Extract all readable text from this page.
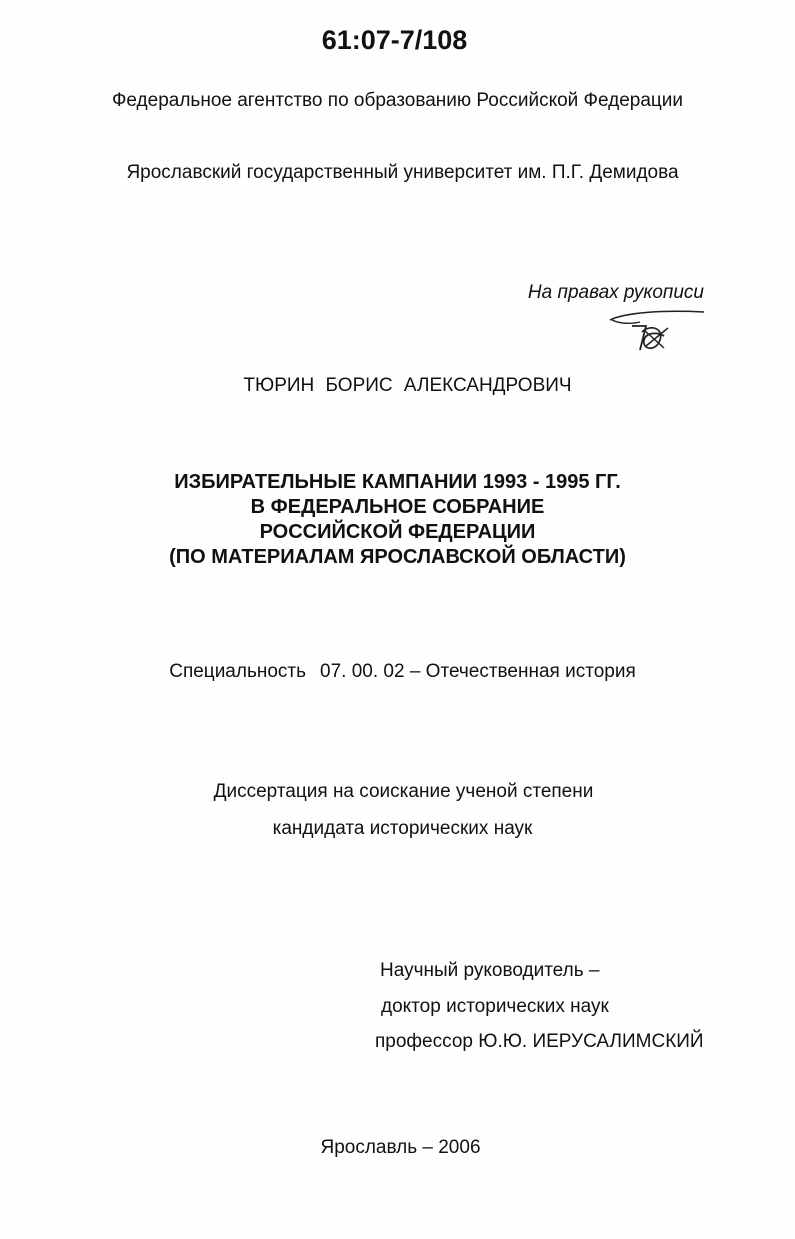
61:07-7/108
Федеральное агентство по образованию Российской Федерации
Ярославский государственный университет им. П.Г. Демидова
На правах рукописи
ТЮРИН БОРИС АЛЕКСАНДРОВИЧ
ИЗБИРАТЕЛЬНЫЕ КАМПАНИИ 1993 - 1995 ГГ.
В ФЕДЕРАЛЬНОЕ СОБРАНИЕ
РОССИЙСКОЙ ФЕДЕРАЦИИ
(ПО МАТЕРИАЛАМ ЯРОСЛАВСКОЙ ОБЛАСТИ)
Специальность 07. 00. 02 – Отечественная история
Диссертация на соискание ученой степени
кандидата исторических наук
Научный руководитель –
доктор исторических наук
профессор Ю.Ю. ИЕРУСАЛИМСКИЙ
Ярославль – 2006
